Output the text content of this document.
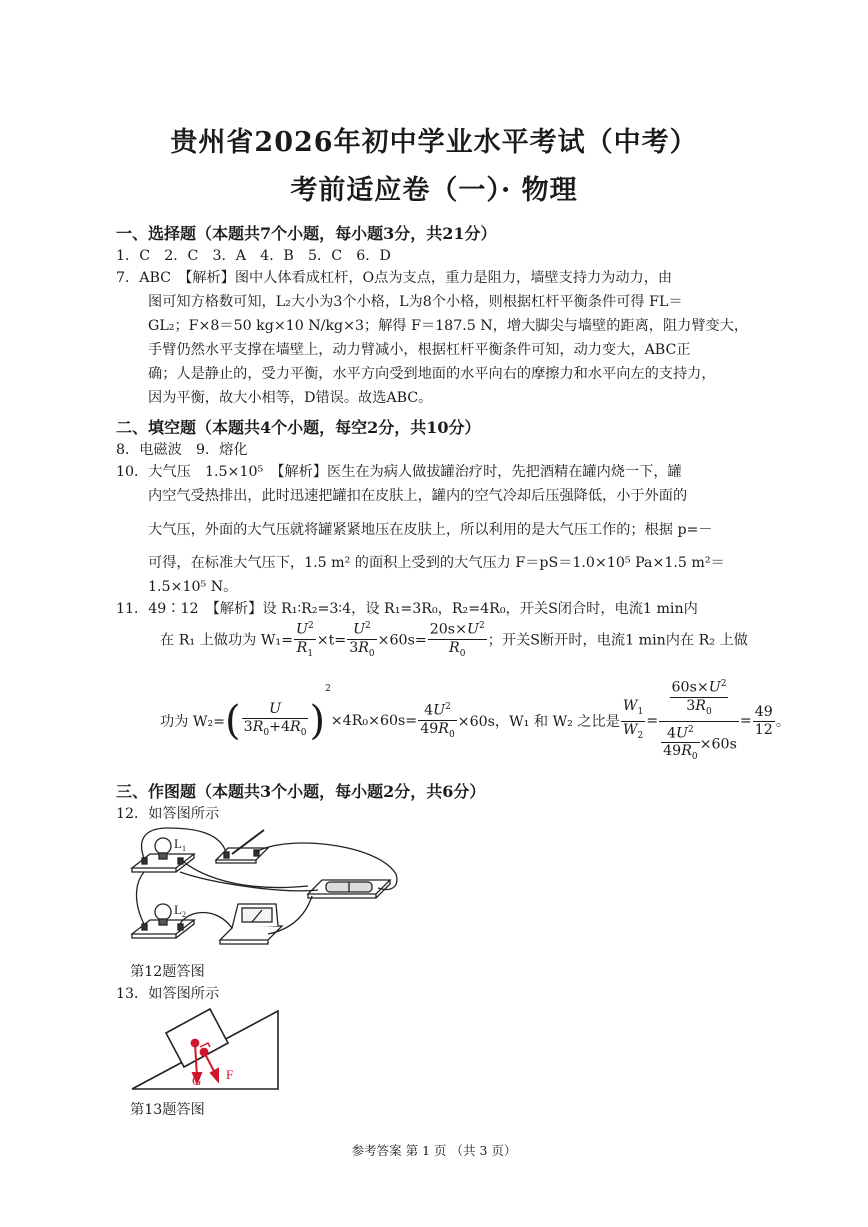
贵州省2026年初中学业水平考试（中考）
考前适应卷（一）· 物理
一、选择题（本题共7个小题，每小题3分，共21分）
1．C　2．C　3．A　4．B　5．C　6．D
7．ABC　【解析】图中人体看成杠杆，O点为支点，重力是阻力，墙壁支持力为动力，由
图可知方格数可知，L₂大小为3个小格，L为8个小格，则根据杠杆平衡条件可得 FL＝
GL₂；F×8＝50 kg×10 N/kg×3；解得 F＝187.5 N，增大脚尖与墙壁的距离，阻力臂变大，
手臂仍然水平支撑在墙壁上，动力臂减小，根据杠杆平衡条件可知，动力变大，ABC正
确；人是静止的，受力平衡，水平方向受到地面的水平向右的摩擦力和水平向左的支持力，
因为平衡，故大小相等，D错误。故选ABC。
二、填空题（本题共4个小题，每空2分，共10分）
8．电磁波　9．熔化
10．大气压　1.5×10⁵　【解析】医生在为病人做拔罐治疗时，先把酒精在罐内烧一下，罐
内空气受热排出，此时迅速把罐扣在皮肤上，罐内的空气冷却后压强降低，小于外面的
大气压，外面的大气压就将罐紧紧地压在皮肤上，所以利用的是大气压工作的；根据 p=－
可得，在标准大气压下，1.5 m² 的面积上受到的大气压力 F＝pS＝1.0×10⁵ Pa×1.5 m²＝
1.5×10⁵ N。
11．49∶12　【解析】设 R₁∶R₂=3∶4，设 R₁=3R₀，R₂=4R₀，开关S闭合时，电流1 min内
在 R₁ 上做功为 $W_1= \frac{U^2}{R_1} \times t= \frac{U^2}{3R_0} \times 60s= \frac{20s\times U^2}{R_0}$ ；开关S断开时，电流1 min内在 R₂ 上做
功为 $W_2=( \frac{U}{3R_0+4R_0} )^2\times 4R_0\times 60s= \frac{4U^2}{49R_0} \times 60s$，W₁ 和 W₂ 之比是 $\frac{W_1}{W_2} = \frac{\frac{60s\times U^2}{3R_0}}{\frac{4U^2}{49R_0} \times 60s} = \frac{49}{12}$ 。
三、作图题（本题共3个小题，每小题2分，共6分）
12．如答图所示
L 1
L 2
第12题答图
13．如答图所示
G F
第13题答图
参考答案 第 1 页 （共 3 页）
